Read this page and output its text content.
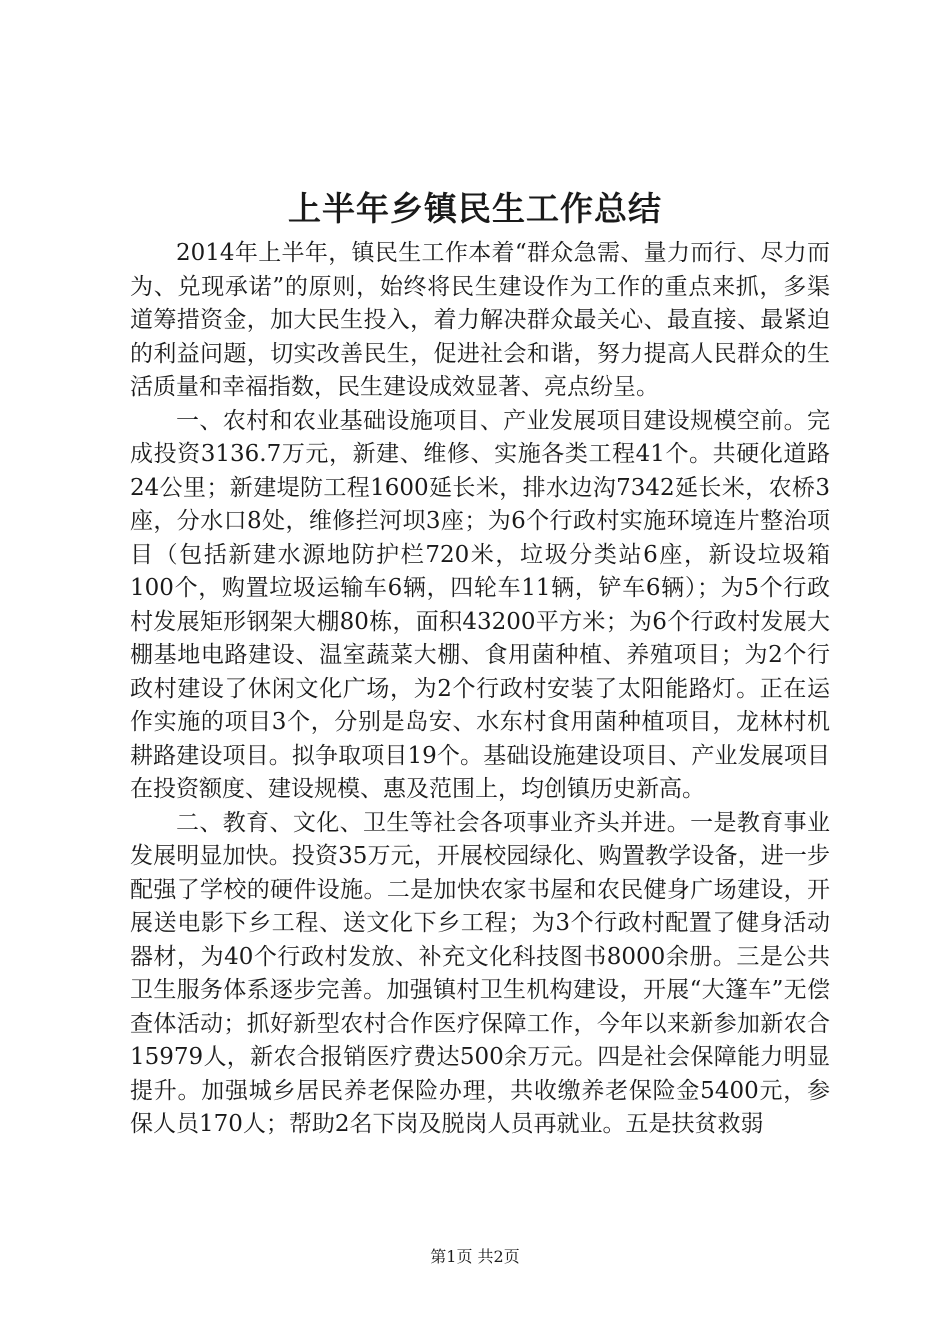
上半年乡镇民生工作总结

2014年上半年，镇民生工作本着“群众急需、量力而行、尽力而为、兑现承诺”的原则，始终将民生建设作为工作的重点来抓，多渠道筹措资金，加大民生投入，着力解决群众最关心、最直接、最紧迫的利益问题，切实改善民生，促进社会和谐，努力提高人民群众的生活质量和幸福指数，民生建设成效显著、亮点纷呈。

一、农村和农业基础设施项目、产业发展项目建设规模空前。完成投资3136.7万元，新建、维修、实施各类工程41个。共硬化道路24公里；新建堤防工程1600延长米，排水边沟7342延长米，农桥3座，分水口8处，维修拦河坝3座；为6个行政村实施环境连片整治项目（包括新建水源地防护栏720米，垃圾分类站6座，新设垃圾箱100个，购置垃圾运输车6辆，四轮车11辆，铲车6辆）；为5个行政村发展矩形钢架大棚80栋，面积43200平方米；为6个行政村发展大棚基地电路建设、温室蔬菜大棚、食用菌种植、养殖项目；为2个行政村建设了休闲文化广场，为2个行政村安装了太阳能路灯。正在运作实施的项目3个，分别是岛安、水东村食用菌种植项目，龙林村机耕路建设项目。拟争取项目19个。基础设施建设项目、产业发展项目在投资额度、建设规模、惠及范围上，均创镇历史新高。

二、教育、文化、卫生等社会各项事业齐头并进。一是教育事业发展明显加快。投资35万元，开展校园绿化、购置教学设备，进一步配强了学校的硬件设施。二是加快农家书屋和农民健身广场建设，开展送电影下乡工程、送文化下乡工程；为3个行政村配置了健身活动器材，为40个行政村发放、补充文化科技图书8000余册。三是公共卫生服务体系逐步完善。加强镇村卫生机构建设，开展“大篷车”无偿查体活动；抓好新型农村合作医疗保障工作，今年以来新参加新农合15979人，新农合报销医疗费达500余万元。四是社会保障能力明显提升。加强城乡居民养老保险办理，共收缴养老保险金5400元，参保人员170人；帮助2名下岗及脱岗人员再就业。五是扶贫救弱

第1页 共2页
